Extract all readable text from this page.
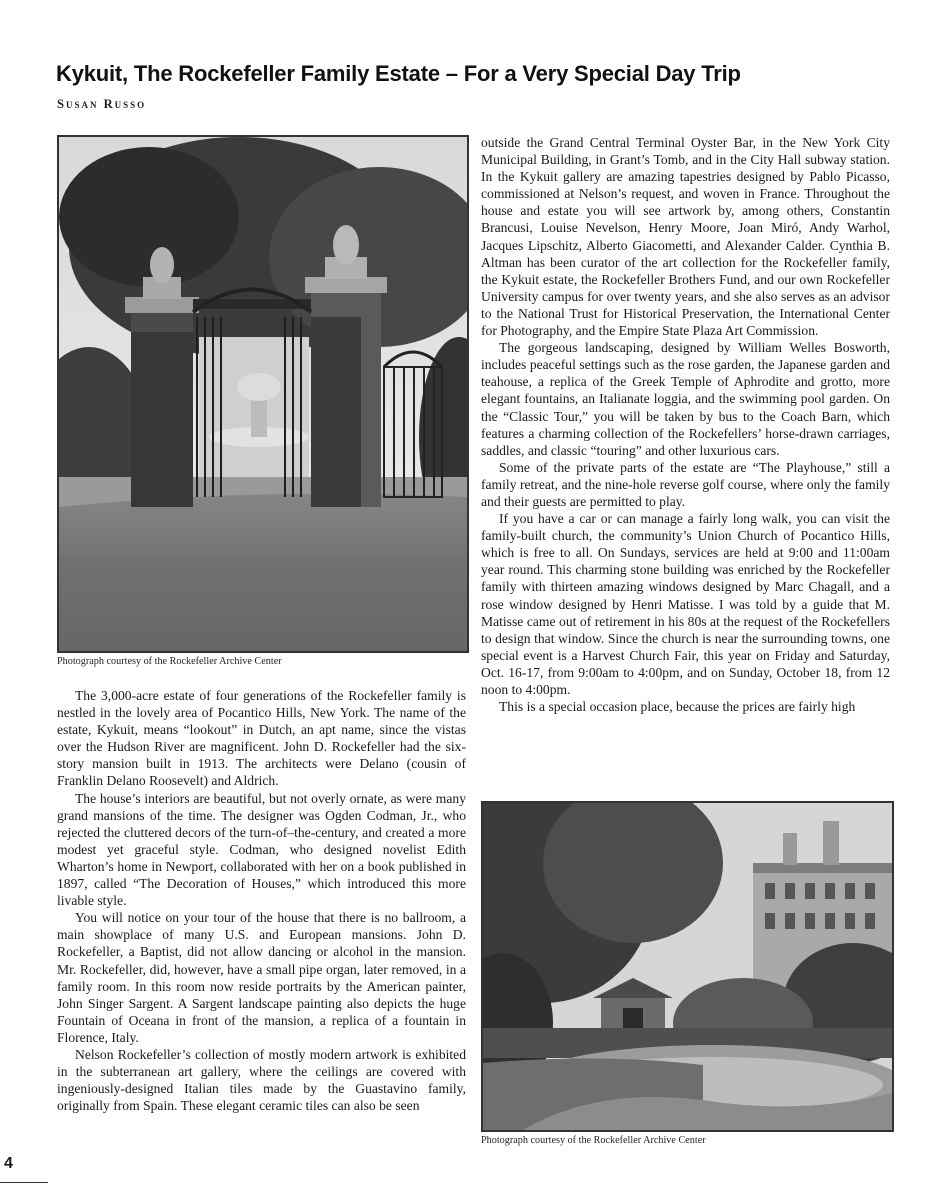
Kykuit, The Rockefeller Family Estate – For a Very Special Day Trip
Susan Russo
Photograph courtesy of the Rockefeller Archive Center

The 3,000-acre estate of four generations of the Rockefeller family is nestled in the lovely area of Pocantico Hills, New York. The name of the estate, Kykuit, means “lookout” in Dutch, an apt name, since the vistas over the Hudson River are magnificent. John D. Rockefeller had the six-story mansion built in 1913. The architects were Delano (cousin of Franklin Delano Roosevelt) and Aldrich.

The house’s interiors are beautiful, but not overly ornate, as were many grand mansions of the time. The designer was Ogden Codman, Jr., who rejected the cluttered decors of the turn-of–the-century, and created a more modest yet graceful style. Codman, who designed novelist Edith Wharton’s home in Newport, collaborated with her on a book published in 1897, called “The Decoration of Houses,” which introduced this more livable style.

You will notice on your tour of the house that there is no ballroom, a main showplace of many U.S. and European mansions. John D. Rockefeller, a Baptist, did not allow dancing or alcohol in the mansion. Mr. Rockefeller, did, however, have a small pipe organ, later removed, in a family room. In this room now reside portraits by the American painter, John Singer Sargent. A Sargent landscape painting also depicts the huge Fountain of Oceana in front of the mansion, a replica of a fountain in Florence, Italy.

Nelson Rockefeller’s collection of mostly modern artwork is exhibited in the subterranean art gallery, where the ceilings are covered with ingeniously-designed Italian tiles made by the Guastavino family, originally from Spain. These elegant ceramic tiles can also be seen

outside the Grand Central Terminal Oyster Bar, in the New York City Municipal Building, in Grant’s Tomb, and in the City Hall subway station. In the Kykuit gallery are amazing tapestries designed by Pablo Picasso, commissioned at Nelson’s request, and woven in France. Throughout the house and estate you will see artwork by, among others, Constantin Brancusi, Louise Nevelson, Henry Moore, Joan Miró, Andy Warhol, Jacques Lipschitz, Alberto Giacometti, and Alexander Calder. Cynthia B. Altman has been curator of the art collection for the Rockefeller family, the Kykuit estate, the Rockefeller Brothers Fund, and our own Rockefeller University campus for over twenty years, and she also serves as an advisor to the National Trust for Historical Preservation, the International Center for Photography, and the Empire State Plaza Art Commission.

The gorgeous landscaping, designed by William Welles Bosworth, includes peaceful settings such as the rose garden, the Japanese garden and teahouse, a replica of the Greek Temple of Aphrodite and grotto, more elegant fountains, an Italianate loggia, and the swimming pool garden. On the “Classic Tour,” you will be taken by bus to the Coach Barn, which features a charming collection of the Rockefellers’ horse-drawn carriages, saddles, and classic “touring” and other luxurious cars.

Some of the private parts of the estate are “The Playhouse,” still a family retreat, and the nine-hole reverse golf course, where only the family and their guests are permitted to play.

If you have a car or can manage a fairly long walk, you can visit the family-built church, the community’s Union Church of Pocantico Hills, which is free to all. On Sundays, services are held at 9:00 and 11:00am year round. This charming stone building was enriched by the Rockefeller family with thirteen amazing windows designed by Marc Chagall, and a rose window designed by Henri Matisse. I was told by a guide that M. Matisse came out of retirement in his 80s at the request of the Rockefellers to design that window. Since the church is near the surrounding towns, one special event is a Harvest Church Fair, this year on Friday and Saturday, Oct. 16-17, from 9:00am to 4:00pm, and on Sunday, October 18, from 12 noon to 4:00pm.

This is a special occasion place, because the prices are fairly high

Photograph courtesy of the Rockefeller Archive Center
4
